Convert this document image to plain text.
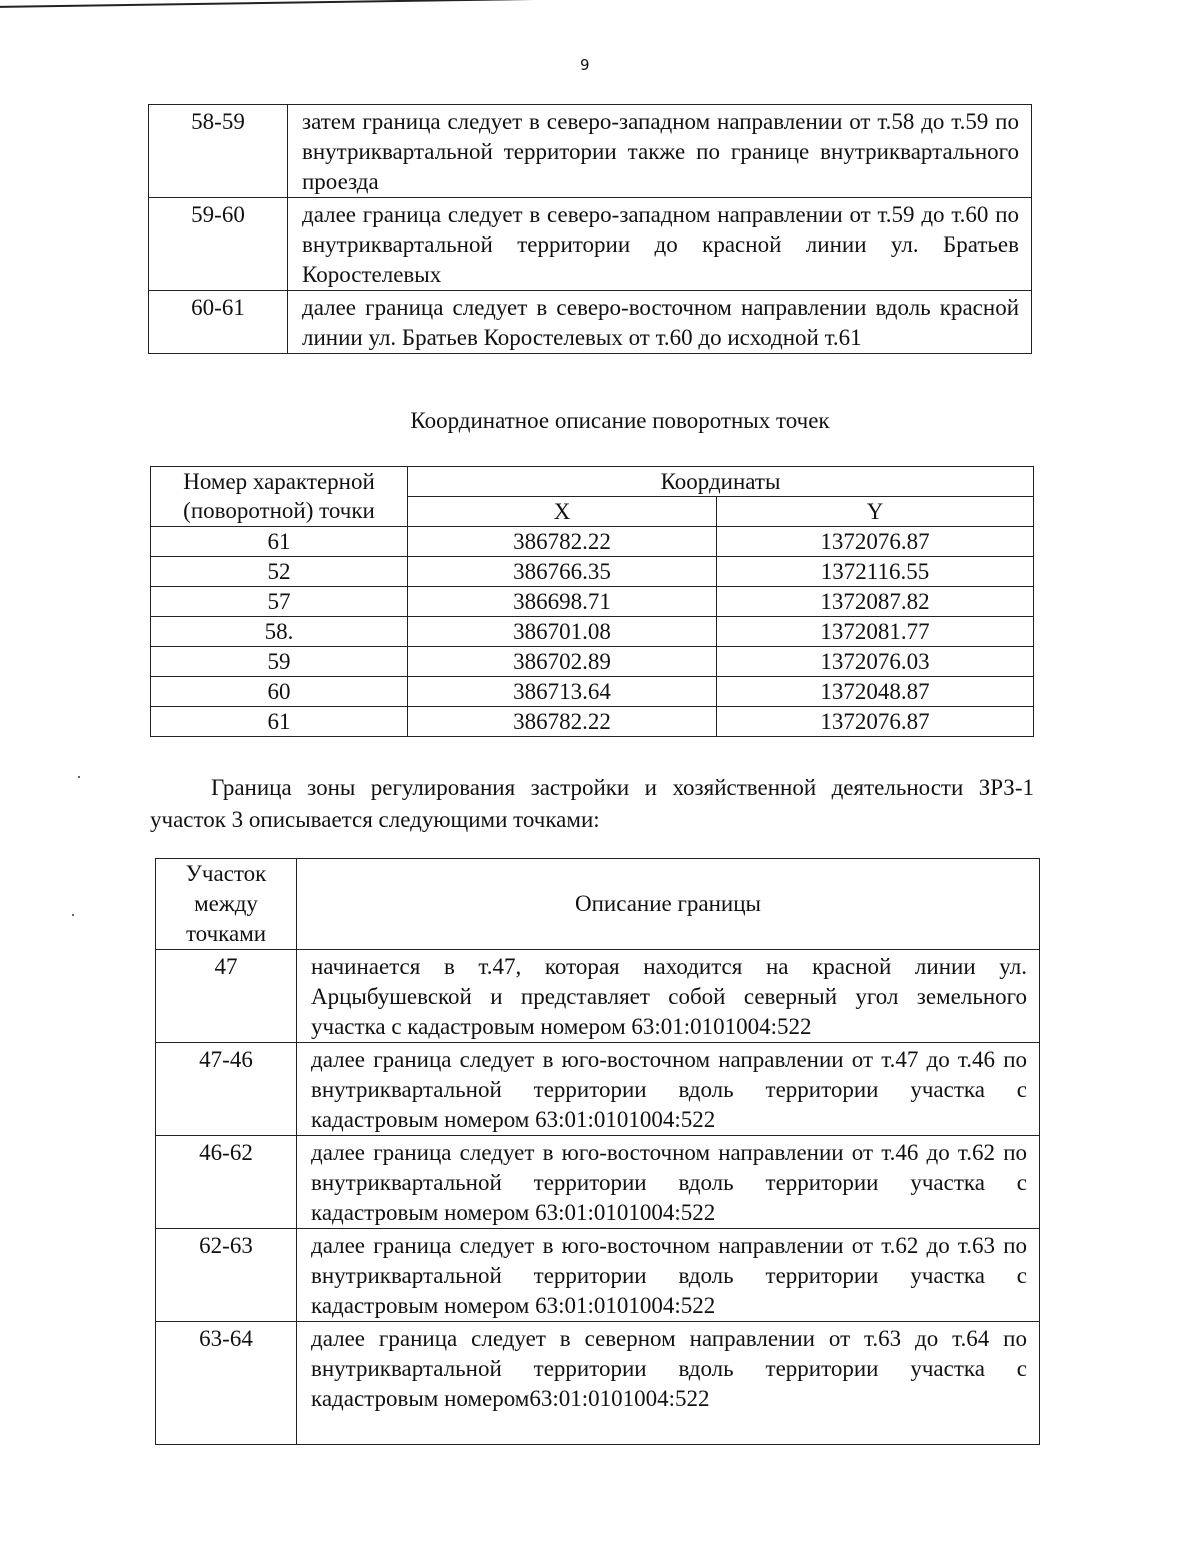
9
58-59	затем граница следует в северо-западном направлении от т.58 до т.59 по внутриквартальной территории также по границе внутриквартального проезда
59-60	далее граница следует в северо-западном направлении от т.59 до т.60 по внутриквартальной территории до красной линии ул. Братьев Коростелевых
60-61	далее граница следует в северо-восточном направлении вдоль красной линии ул. Братьев Коростелевых от т.60 до исходной т.61
Координатное описание поворотных точек
Номер характерной (поворотной) точки	Координаты	
	X	Y
61	386782.22	1372076.87
52	386766.35	1372116.55
57	386698.71	1372087.82
58.	386701.08	1372081.77
59	386702.89	1372076.03
60	386713.64	1372048.87
61	386782.22	1372076.87
Граница зоны регулирования застройки и хозяйственной деятельности ЗРЗ-1 участок 3 описывается следующими точками:
Участок между точками	Описание границы
47	начинается в т.47, которая находится на красной линии ул. Арцыбушевской и представляет собой северный угол земельного участка с кадастровым номером 63:01:0101004:522
47-46	далее граница следует в юго-восточном направлении от т.47 до т.46 по внутриквартальной территории вдоль территории участка с кадастровым номером 63:01:0101004:522
46-62	далее граница следует в юго-восточном направлении от т.46 до т.62 по внутриквартальной территории вдоль территории участка с кадастровым номером 63:01:0101004:522
62-63	далее граница следует в юго-восточном направлении от т.62 до т.63 по внутриквартальной территории вдоль территории участка с кадастровым номером 63:01:0101004:522
63-64	далее граница следует в северном направлении от т.63 до т.64 по внутриквартальной территории вдоль территории участка с кадастровым номером63:01:0101004:522
